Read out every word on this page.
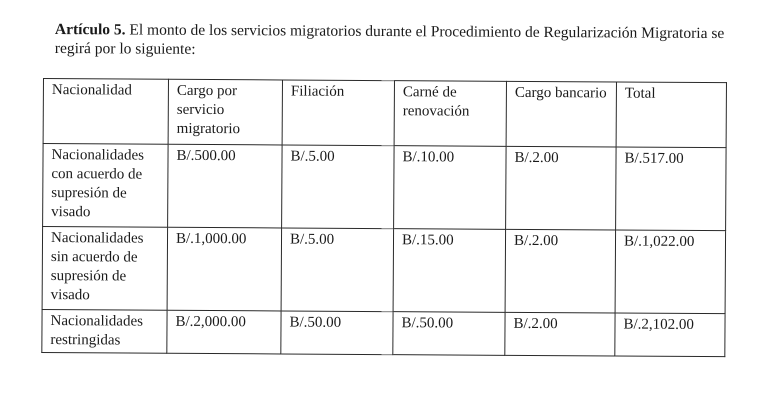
Artículo 5. El monto de los servicios migratorios durante el Procedimiento de Regularización Migratoria se regirá por lo siguiente:

Nacionalidad	Cargo por servicio migratorio	Filiación	Carné de renovación	Cargo bancario	Total
Nacionalidades con acuerdo de supresión de visado	B/.500.00	B/.5.00	B/.10.00	B/.2.00	B/.517.00
Nacionalidades sin acuerdo de supresión de visado	B/.1,000.00	B/.5.00	B/.15.00	B/.2.00	B/.1,022.00
Nacionalidades restringidas	B/.2,000.00	B/.50.00	B/.50.00	B/.2.00	B/.2,102.00
